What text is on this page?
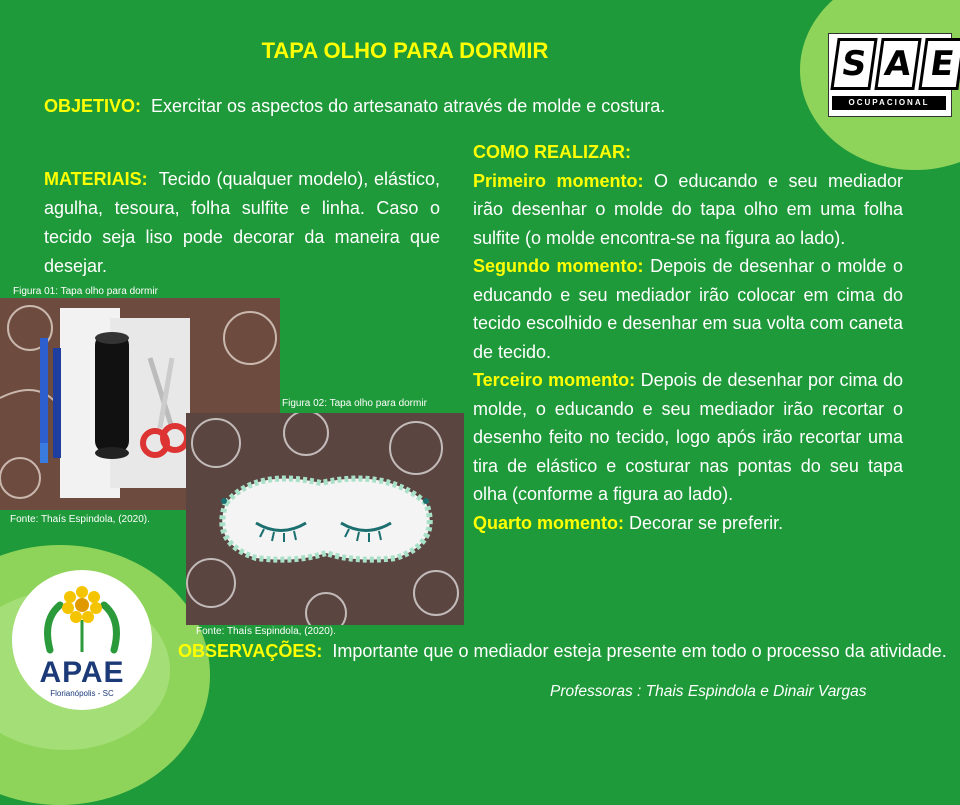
TAPA OLHO PARA DORMIR
OBJETIVO: Exercitar os aspectos do artesanato através de molde e costura.
MATERIAIS: Tecido (qualquer modelo), elástico, agulha, tesoura, folha sulfite e linha. Caso o tecido seja liso pode decorar da maneira que desejar.

COMO REALIZAR:

Primeiro momento: O educando e seu mediador irão desenhar o molde do tapa olho em uma folha sulfite (o molde encontra-se na figura ao lado).

Segundo momento: Depois de desenhar o molde o educando e seu mediador irão colocar em cima do tecido escolhido e desenhar em sua volta com caneta de tecido.

Terceiro momento: Depois de desenhar por cima do molde, o educando e seu mediador irão recortar o desenho feito no tecido, logo após irão recortar uma tira de elástico e costurar nas pontas do seu tapa olha (conforme a figura ao lado).

Quarto momento: Decorar se preferir.

Figura 01: Tapa olho para dormir
Fonte: Thaís Espindola, (2020).
Figura 02: Tapa olho para dormir
Fonte: Thaís Espindola, (2020).
OBSERVAÇÕES: Importante que o mediador esteja presente em todo o processo da atividade.
Professoras : Thais Espindola e Dinair Vargas
S A E
OCUPACIONAL
APAE
Florianópolis - SC
